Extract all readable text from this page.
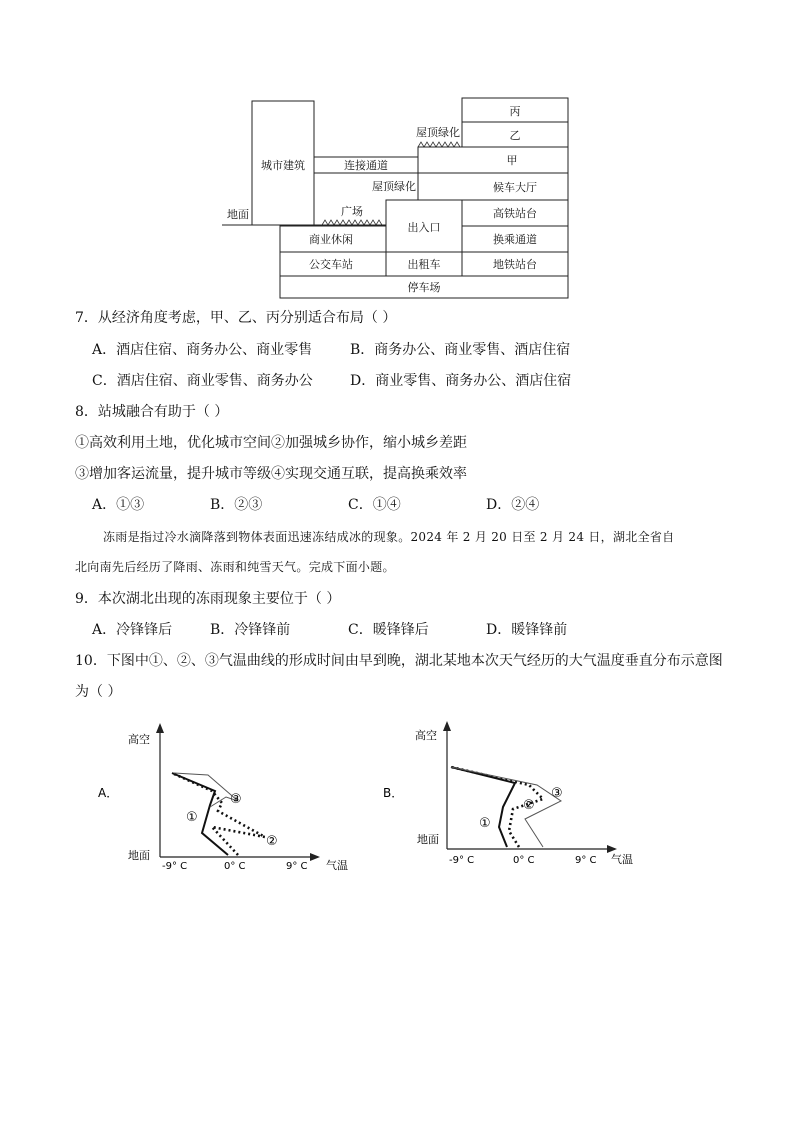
地面
城市建筑	连接通道
屋顶绿化
屋顶绿化
广场
丙
乙
甲
候车大厅
高铁站台
出入口
换乘通道
商业休闲
公交车站	出租车	地铁站台
停车场
7．从经济角度考虑，甲、乙、丙分别适合布局（ ）
A．酒店住宿、商务办公、商业零售	B．商务办公、商业零售、酒店住宿
C．酒店住宿、商业零售、商务办公	D．商业零售、商务办公、酒店住宿
8．站城融合有助于（ ）
①高效利用土地，优化城市空间②加强城乡协作，缩小城乡差距
③增加客运流量，提升城市等级④实现交通互联，提高换乘效率
A．①③	B．②③	C．①④	D．②④
冻雨是指过冷水滴降落到物体表面迅速冻结成冰的现象。2024 年 2 月 20 日至 2 月 24 日，湖北全省自
北向南先后经历了降雨、冻雨和纯雪天气。完成下面小题。
9．本次湖北出现的冻雨现象主要位于（ ）
A．冷锋锋后	B．冷锋锋前	C．暖锋锋后	D．暖锋锋前
10．下图中①、②、③气温曲线的形成时间由早到晚，湖北某地本次天气经历的大气温度垂直分布示意图
为（ ）
A．
高空
地面
-9° C	0° C	9° C 气温
①
②
③	B．
高空
地面
-9° C	0° C	9° C 气温
①
②
③
